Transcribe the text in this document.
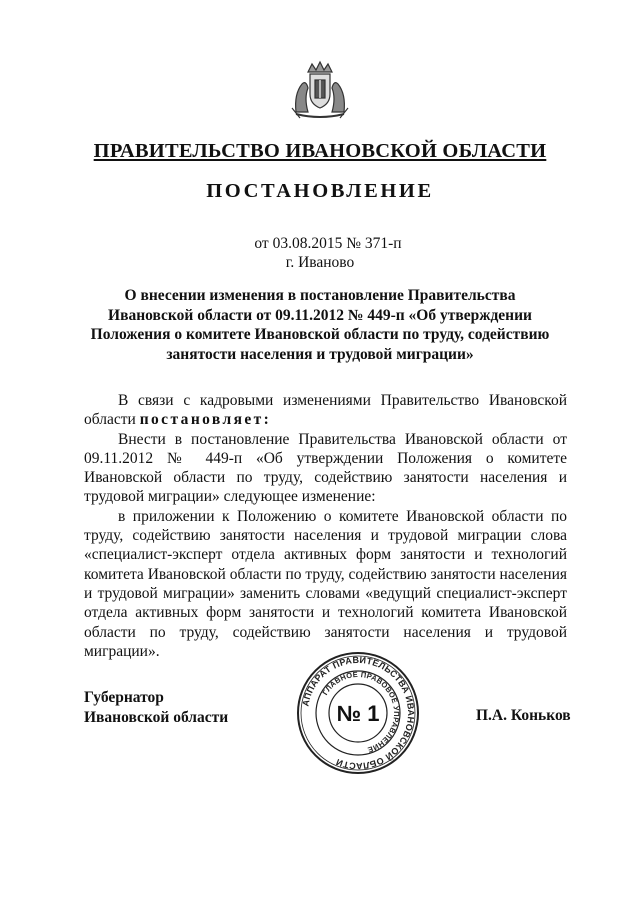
ПРАВИТЕЛЬСТВО ИВАНОВСКОЙ ОБЛАСТИ
ПОСТАНОВЛЕНИЕ
от 03.08.2015 № 371-п
г. Иваново
О внесении изменения в постановление Правительства
Ивановской области от 09.11.2012 № 449-п «Об утверждении
Положения о комитете Ивановской области по труду, содействию
занятости населения и трудовой миграции»

В связи с кадровыми изменениями Правительство Ивановской области постановляет:

Внести в постановление Правительства Ивановской области от 09.11.2012 № 449-п «Об утверждении Положения о комитете Ивановской области по труду, содействию занятости населения и трудовой миграции» следующее изменение:

в приложении к Положению о комитете Ивановской области по труду, содействию занятости населения и трудовой миграции слова «специалист-эксперт отдела активных форм занятости и технологий комитета Ивановской области по труду, содействию занятости населения и трудовой миграции» заменить словами «ведущий специалист-эксперт отдела активных форм занятости и технологий комитета Ивановской области по труду, содействию занятости населения и трудовой миграции».

Губернатор
Ивановской области
АППАРАТ ПРАВИТЕЛЬСТВА ИВАНОВСКОЙ ОБЛАСТИ
ГЛАВНОЕ ПРАВОВОЕ УПРАВЛЕНИЕ
№ 1	П.А. Коньков
